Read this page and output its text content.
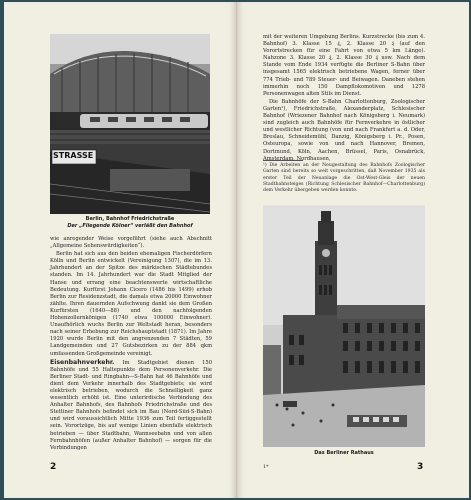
STRASSE
Berlin, Bahnhof Friedrichstraße
Der „Fliegende Kölner“ verläßt den Bahnhof

wie anregender Weise vorgeführt (siehe auch Abschnitt „Allgemeine Sehenswürdigkeiten“).

Berlin hat sich aus den beiden ehemaligen Fischerdörfern Kölln und Berlin entwickelt (Vereinigung 1307), die im 13. Jahrhundert an der Spitze des märkischen Städtebundes standen. Im 14. Jahrhundert war die Stadt Mitglied der Hanse und errang eine beachtenswerte wirtschaftliche Bedeutung. Kurfürst Johann Cicero (1486 bis 1499) erhob Berlin zur Residenzstadt, die damals etwa 20000 Einwohner zählte. Ihren dauernden Aufschwung dankt sie dem Großen Kurfürsten (1640—88) und den nachfolgenden Hohenzollernkönigen (1740 etwa 100000 Einwohner). Unaufhörlich wuchs Berlin zur Weltstadt heran, besonders nach seiner Erhebung zur Reichshauptstadt (1871). Im Jahre 1920 wurde Berlin mit den angrenzenden 7 Städten, 59 Landgemeinden und 27 Gutsbezirken zu der 884 qkm umfassenden Großgemeinde vereinigt.

Eisenbahnverkehr. Im Stadtgebiet dienen 150 Bahnhöfe und 55 Haltepunkte dem Personenverkehr. Die Berliner Stadt- und Ringbahn—S-Bahn hat 46 Bahnhöfe und dient dem Verkehr innerhalb des Stadtgebiets; sie wird elektrisch betrieben, wodurch die Schnelligkeit ganz wesentlich erhöht ist. Eine unterirdische Verbindung des Anhalter Bahnhofs, des Bahnhofs Friedrichstraße und des Stettiner Bahnhofs befindet sich im Bau (Nord-Süd-S-Bahn) und wird voraussichtlich Mitte 1936 zum Teil fertiggestellt sein. Vorortzüge, bis auf wenige Linien ebenfalls elektrisch betrieben — über Stadtbahn, Wannseebahn und von allen Fernbahnhöfen (außer Anhalter Bahnhof) — sorgen für die Verbindungen

2

mit der weiteren Umgebung Berlins. Kurzstrecke (bis zum 4. Bahnhof) 3. Klasse 15 ₰, 2. Klasse 20 ₰ (auf den Vorortstrecken für eine Fahrt von etwa 5 km Länge). Nahzone 3. Klasse 20 ₰, 2. Klasse 30 ₰ usw. Nach dem Stande vom Ende 1934 verfügte die Berliner S-Bahn über insgesamt 1565 elektrisch betriebene Wagen, ferner über 774 Trieb- und 789 Steuer- und Beiwagen. Daneben stehen immerhin noch 150 Dampflokomotiven und 1278 Personenwagen alten Stils im Dienst.

Die Bahnhöfe der S-Bahn Charlottenburg, Zoologischer Garten¹), Friedrichstraße, Alexanderplatz, Schlesischer Bahnhof (Wriezener Bahnhof nach Königsberg i. Neumark) sind zugleich auch Bahnhöfe für Fernverkehre in östlicher und westlicher Richtung (von und nach Frankfurt a. d. Oder, Breslau, Schneidemühl, Danzig, Königsberg i. Pr., Posen, Osteuropa, sowie von und nach Hannover, Bremen, Dortmund, Köln, Aachen, Brüssel, Paris, Osnabrück, Amsterdam, Nordhausen,

¹) Die Arbeiten an der Neugestaltung des Bahnhofs Zoologischer Garten sind bereits so weit vorgeschritten, daß November 1935 als erster Teil der Neuanlage die Ost-West-Gleis der neuen Stadtbahnsteiges (Richtung Schlesischer Bahnhof—Charlottenburg) dem Verkehr übergeben werden konnte.
Das Berliner Rathaus
1*	3
